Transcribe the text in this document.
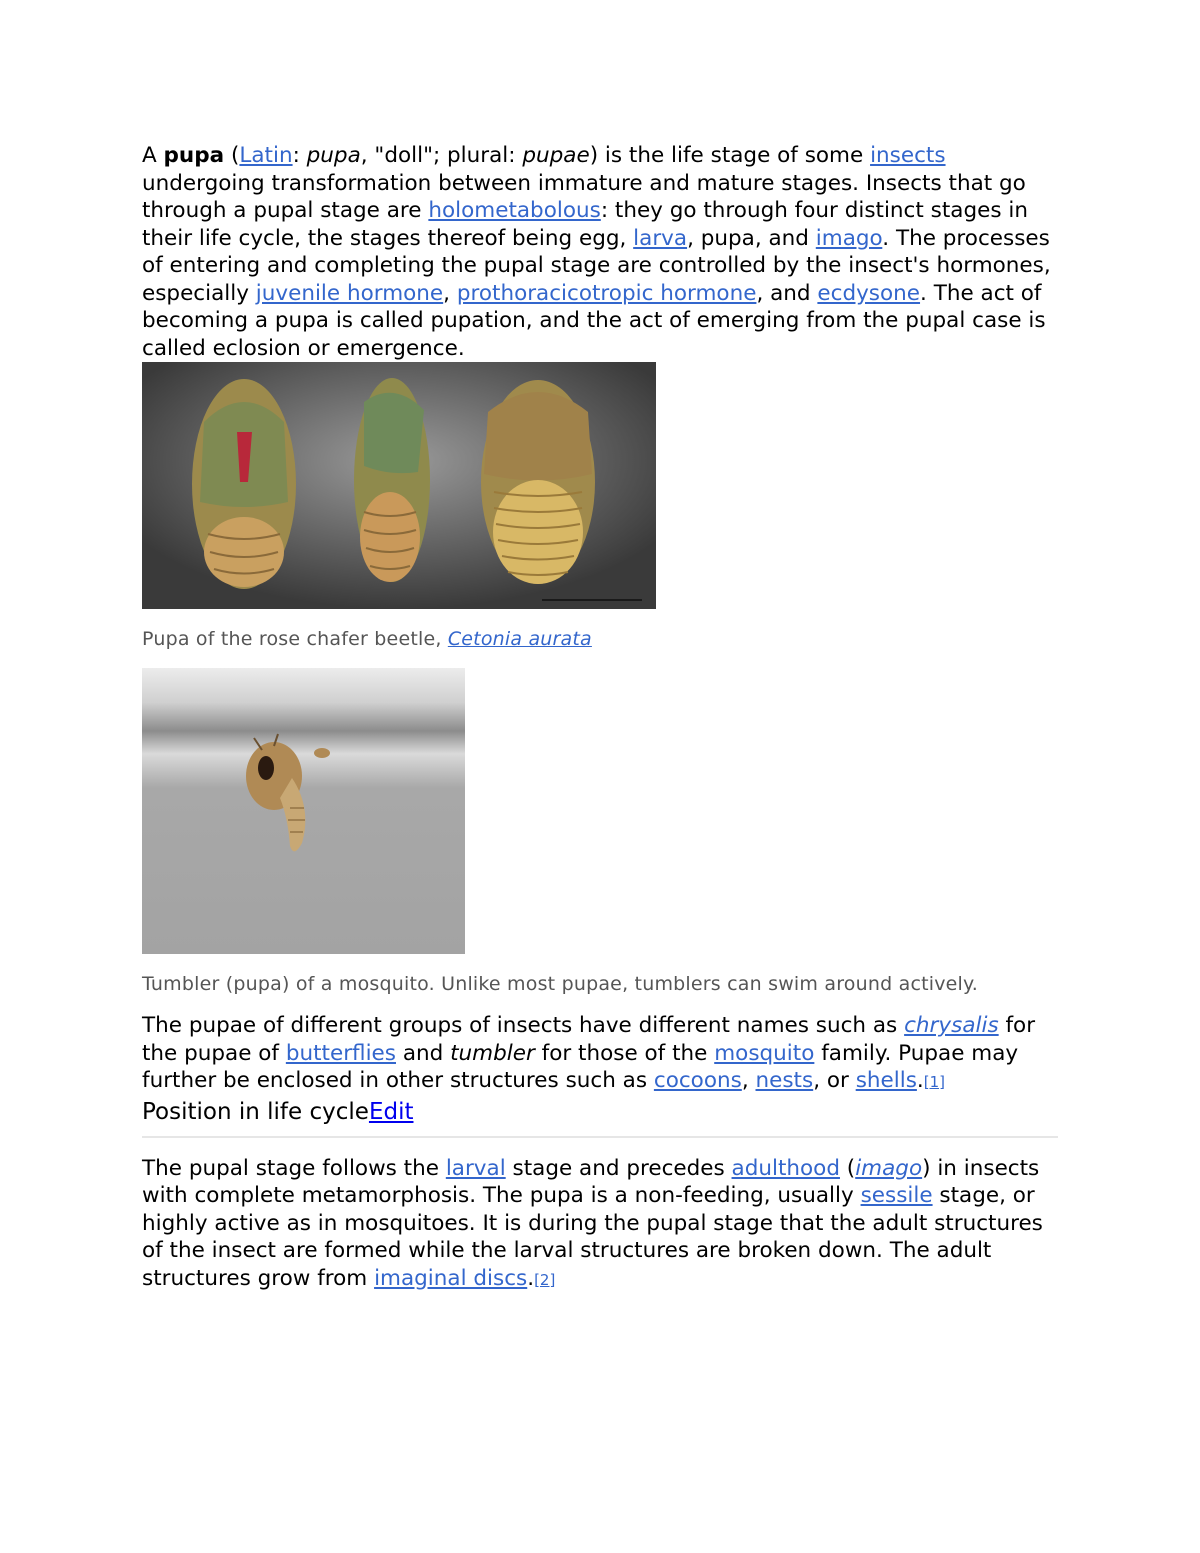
A pupa (Latin: pupa, "doll"; plural: pupae) is the life stage of some insects undergoing transformation between immature and mature stages. Insects that go through a pupal stage are holometabolous: they go through four distinct stages in their life cycle, the stages thereof being egg, larva, pupa, and imago. The processes of entering and completing the pupal stage are controlled by the insect's hormones, especially juvenile hormone, prothoracicotropic hormone, and ecdysone. The act of becoming a pupa is called pupation, and the act of emerging from the pupal case is called eclosion or emergence.

Pupa of the rose chafer beetle, Cetonia aurata
Tumbler (pupa) of a mosquito. Unlike most pupae, tumblers can swim around actively.

The pupae of different groups of insects have different names such as chrysalis for the pupae of butterflies and tumbler for those of the mosquito family. Pupae may further be enclosed in other structures such as cocoons, nests, or shells.[1]

Position in life cycleEdit

The pupal stage follows the larval stage and precedes adulthood (imago) in insects with complete metamorphosis. The pupa is a non-feeding, usually sessile stage, or highly active as in mosquitoes. It is during the pupal stage that the adult structures of the insect are formed while the larval structures are broken down. The adult structures grow from imaginal discs.[2]
